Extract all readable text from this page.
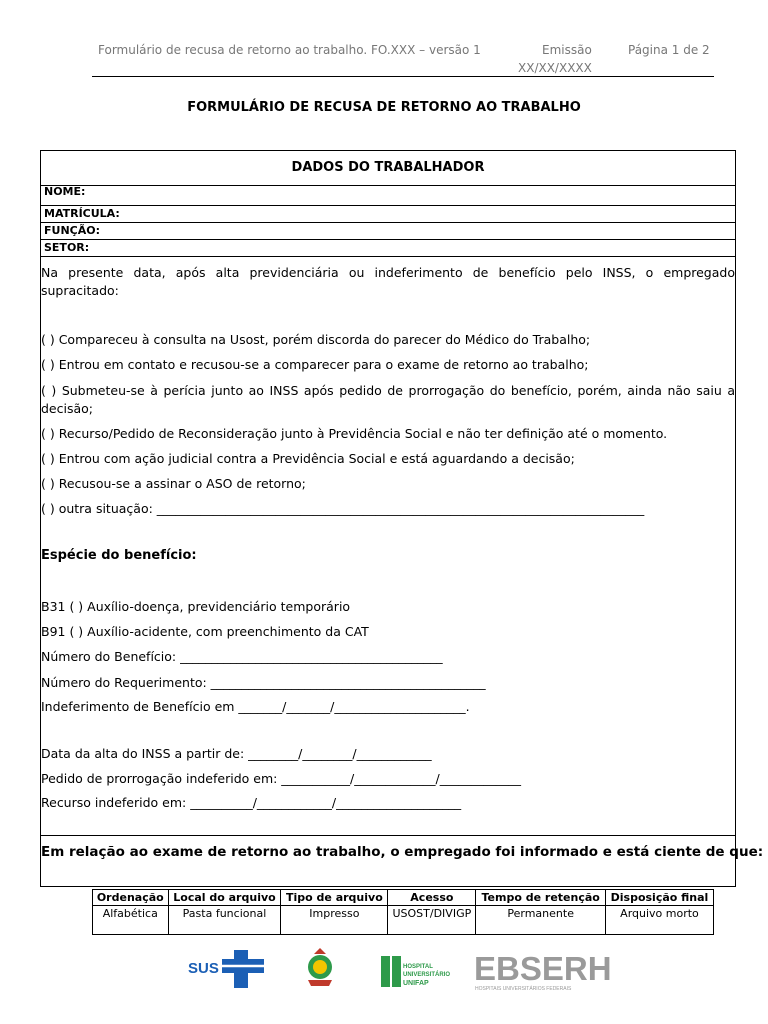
Formulário de recusa de retorno ao trabalho. FO.XXX – versão 1	Emissão
XX/XX/XXXX
Página 1 de 2
FORMULÁRIO DE RECUSA DE RETORNO AO TRABALHO
DADOS DO TRABALHADOR
NOME:
MATRÍCULA:
FUNÇÃO:
SETOR:
Na presente data, após alta previdenciária ou indeferimento de benefício pelo INSS, o empregado supracitado:
( ) Compareceu à consulta na Usost, porém discorda do parecer do Médico do Trabalho;
( ) Entrou em contato e recusou-se a comparecer para o exame de retorno ao trabalho;
( ) Submeteu-se à perícia junto ao INSS após pedido de prorrogação do benefício, porém, ainda não saiu a decisão;
( ) Recurso/Pedido de Reconsideração junto à Previdência Social e não ter definição até o momento.
( ) Entrou com ação judicial contra a Previdência Social e está aguardando a decisão;
( ) Recusou-se a assinar o ASO de retorno;
( ) outra situação: ______________________________________________________________________________
Espécie do benefício:
B31 ( ) Auxílio-doença, previdenciário temporário
B91 ( ) Auxílio-acidente, com preenchimento da CAT
Número do Benefício: __________________________________________
Número do Requerimento: ____________________________________________
Indeferimento de Benefício em _______/_______/_____________________.
Data da alta do INSS a partir de: ________/________/____________
Pedido de prorrogação indeferido em: ___________/_____________/_____________
Recurso indeferido em: __________/____________/____________________
Em relação ao exame de retorno ao trabalho, o empregado foi informado e está ciente de que:
Ordenação	Local do arquivo	Tipo de arquivo	Acesso	Tempo de retenção	Disposição final
Alfabética	Pasta funcional	Impresso	USOST/DIVIGP	Permanente	Arquivo morto
SUS	HOSPITAL
UNIVERSITÁRIO
UNIFAP EBSERH
HOSPITAIS UNIVERSITÁRIOS FEDERAIS
